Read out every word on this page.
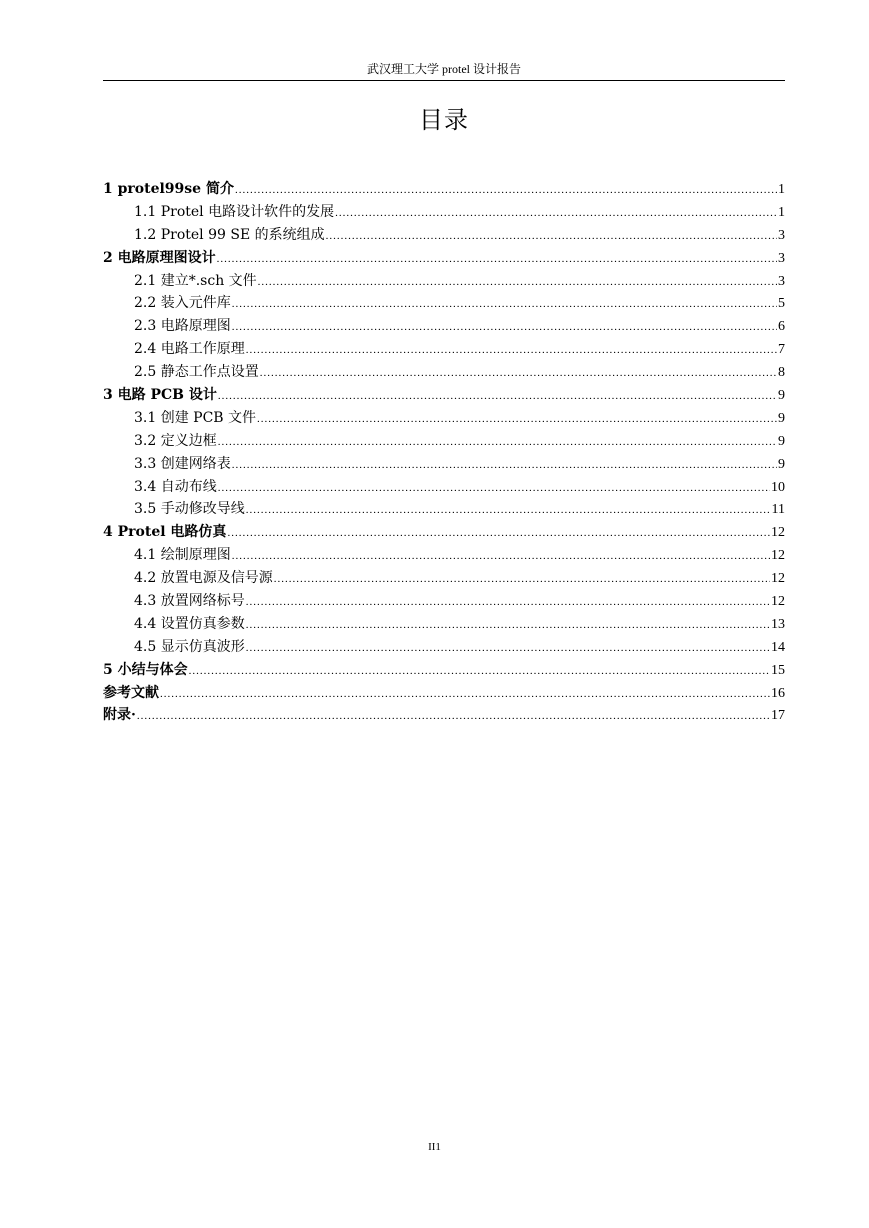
武汉理工大学 protel 设计报告
目录
1 protel99se 简介 .....	1
1.1 Protel 电路设计软件的发展 .....	1
1.2 Protel 99 SE 的系统组成 .....	3
2 电路原理图设计 .....	3
2.1 建立*.sch 文件 .....	3
2.2 装入元件库 .....	5
2.3 电路原理图 .....	6
2.4 电路工作原理 .....	7
2.5 静态工作点设置 .....	8
3 电路 PCB 设计 .....	9
3.1 创建 PCB 文件 .....	9
3.2 定义边框 .....	9
3.3 创建网络表 .....	9
3.4 自动布线 .....	10
3.5 手动修改导线 .....	11
4 Protel 电路仿真 .....	12
4.1 绘制原理图 .....	12
4.2 放置电源及信号源 .....	12
4.3 放置网络标号 .....	12
4.4 设置仿真参数 .....	13
4.5 显示仿真波形 .....	14
5 小结与体会 .....	15
参考文献 .....	16
附录· .....	17
II1
